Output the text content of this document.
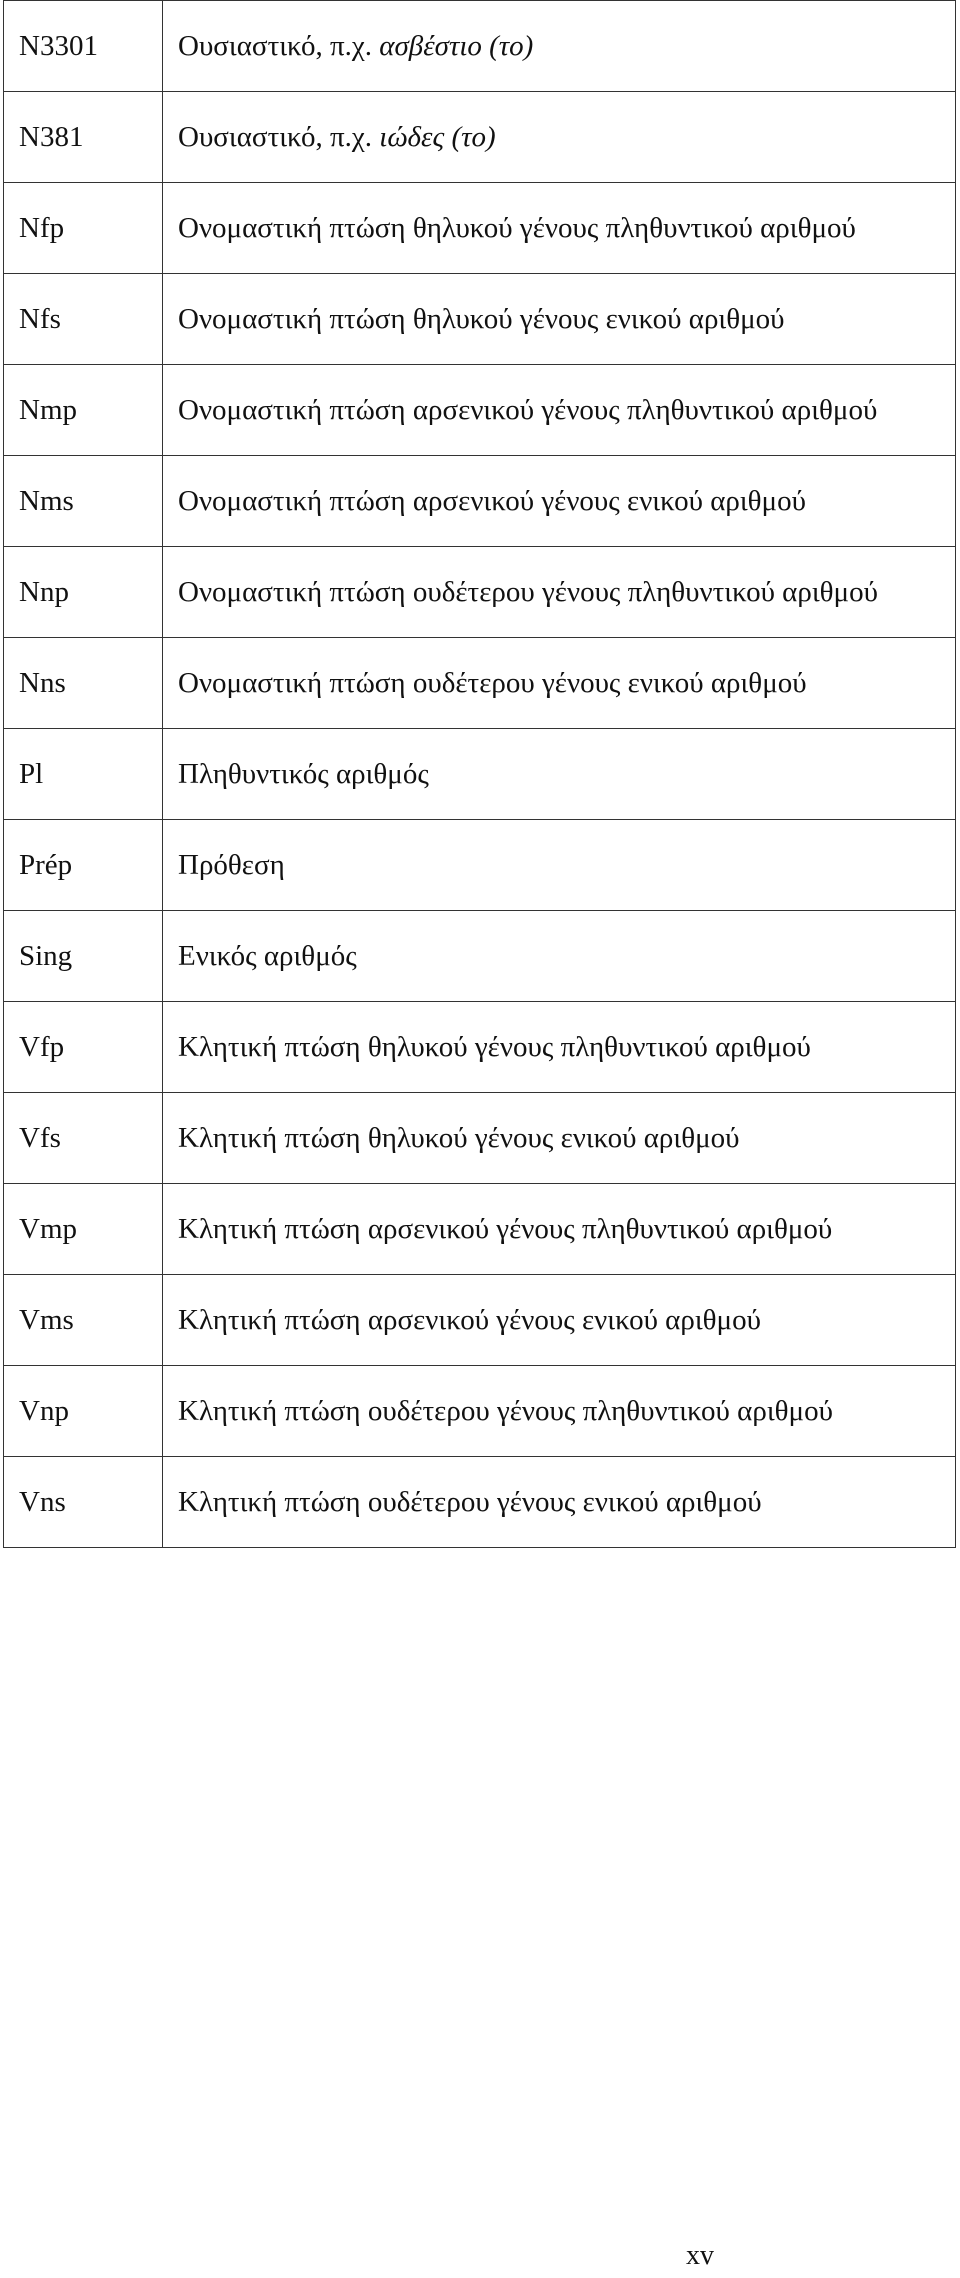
N3301	Ουσιαστικό, π.χ. ασβέστιο (το)
N381	Ουσιαστικό, π.χ. ιώδες (το)
Nfp	Ονομαστική πτώση θηλυκού γένους πληθυντικού αριθμού
Nfs	Ονομαστική πτώση θηλυκού γένους ενικού αριθμού
Nmp	Ονομαστική πτώση αρσενικού γένους πληθυντικού αριθμού
Nms	Ονομαστική πτώση αρσενικού γένους ενικού αριθμού
Nnp	Ονομαστική πτώση ουδέτερου γένους πληθυντικού αριθμού
Nns	Ονομαστική πτώση ουδέτερου γένους ενικού αριθμού
Pl	Πληθυντικός αριθμός
Prép	Πρόθεση
Sing	Ενικός αριθμός
Vfp	Κλητική πτώση θηλυκού γένους πληθυντικού αριθμού
Vfs	Κλητική πτώση θηλυκού γένους ενικού αριθμού
Vmp	Κλητική πτώση αρσενικού γένους πληθυντικού αριθμού
Vms	Κλητική πτώση αρσενικού γένους ενικού αριθμού
Vnp	Κλητική πτώση ουδέτερου γένους πληθυντικού αριθμού
Vns	Κλητική πτώση ουδέτερου γένους ενικού αριθμού
xv
